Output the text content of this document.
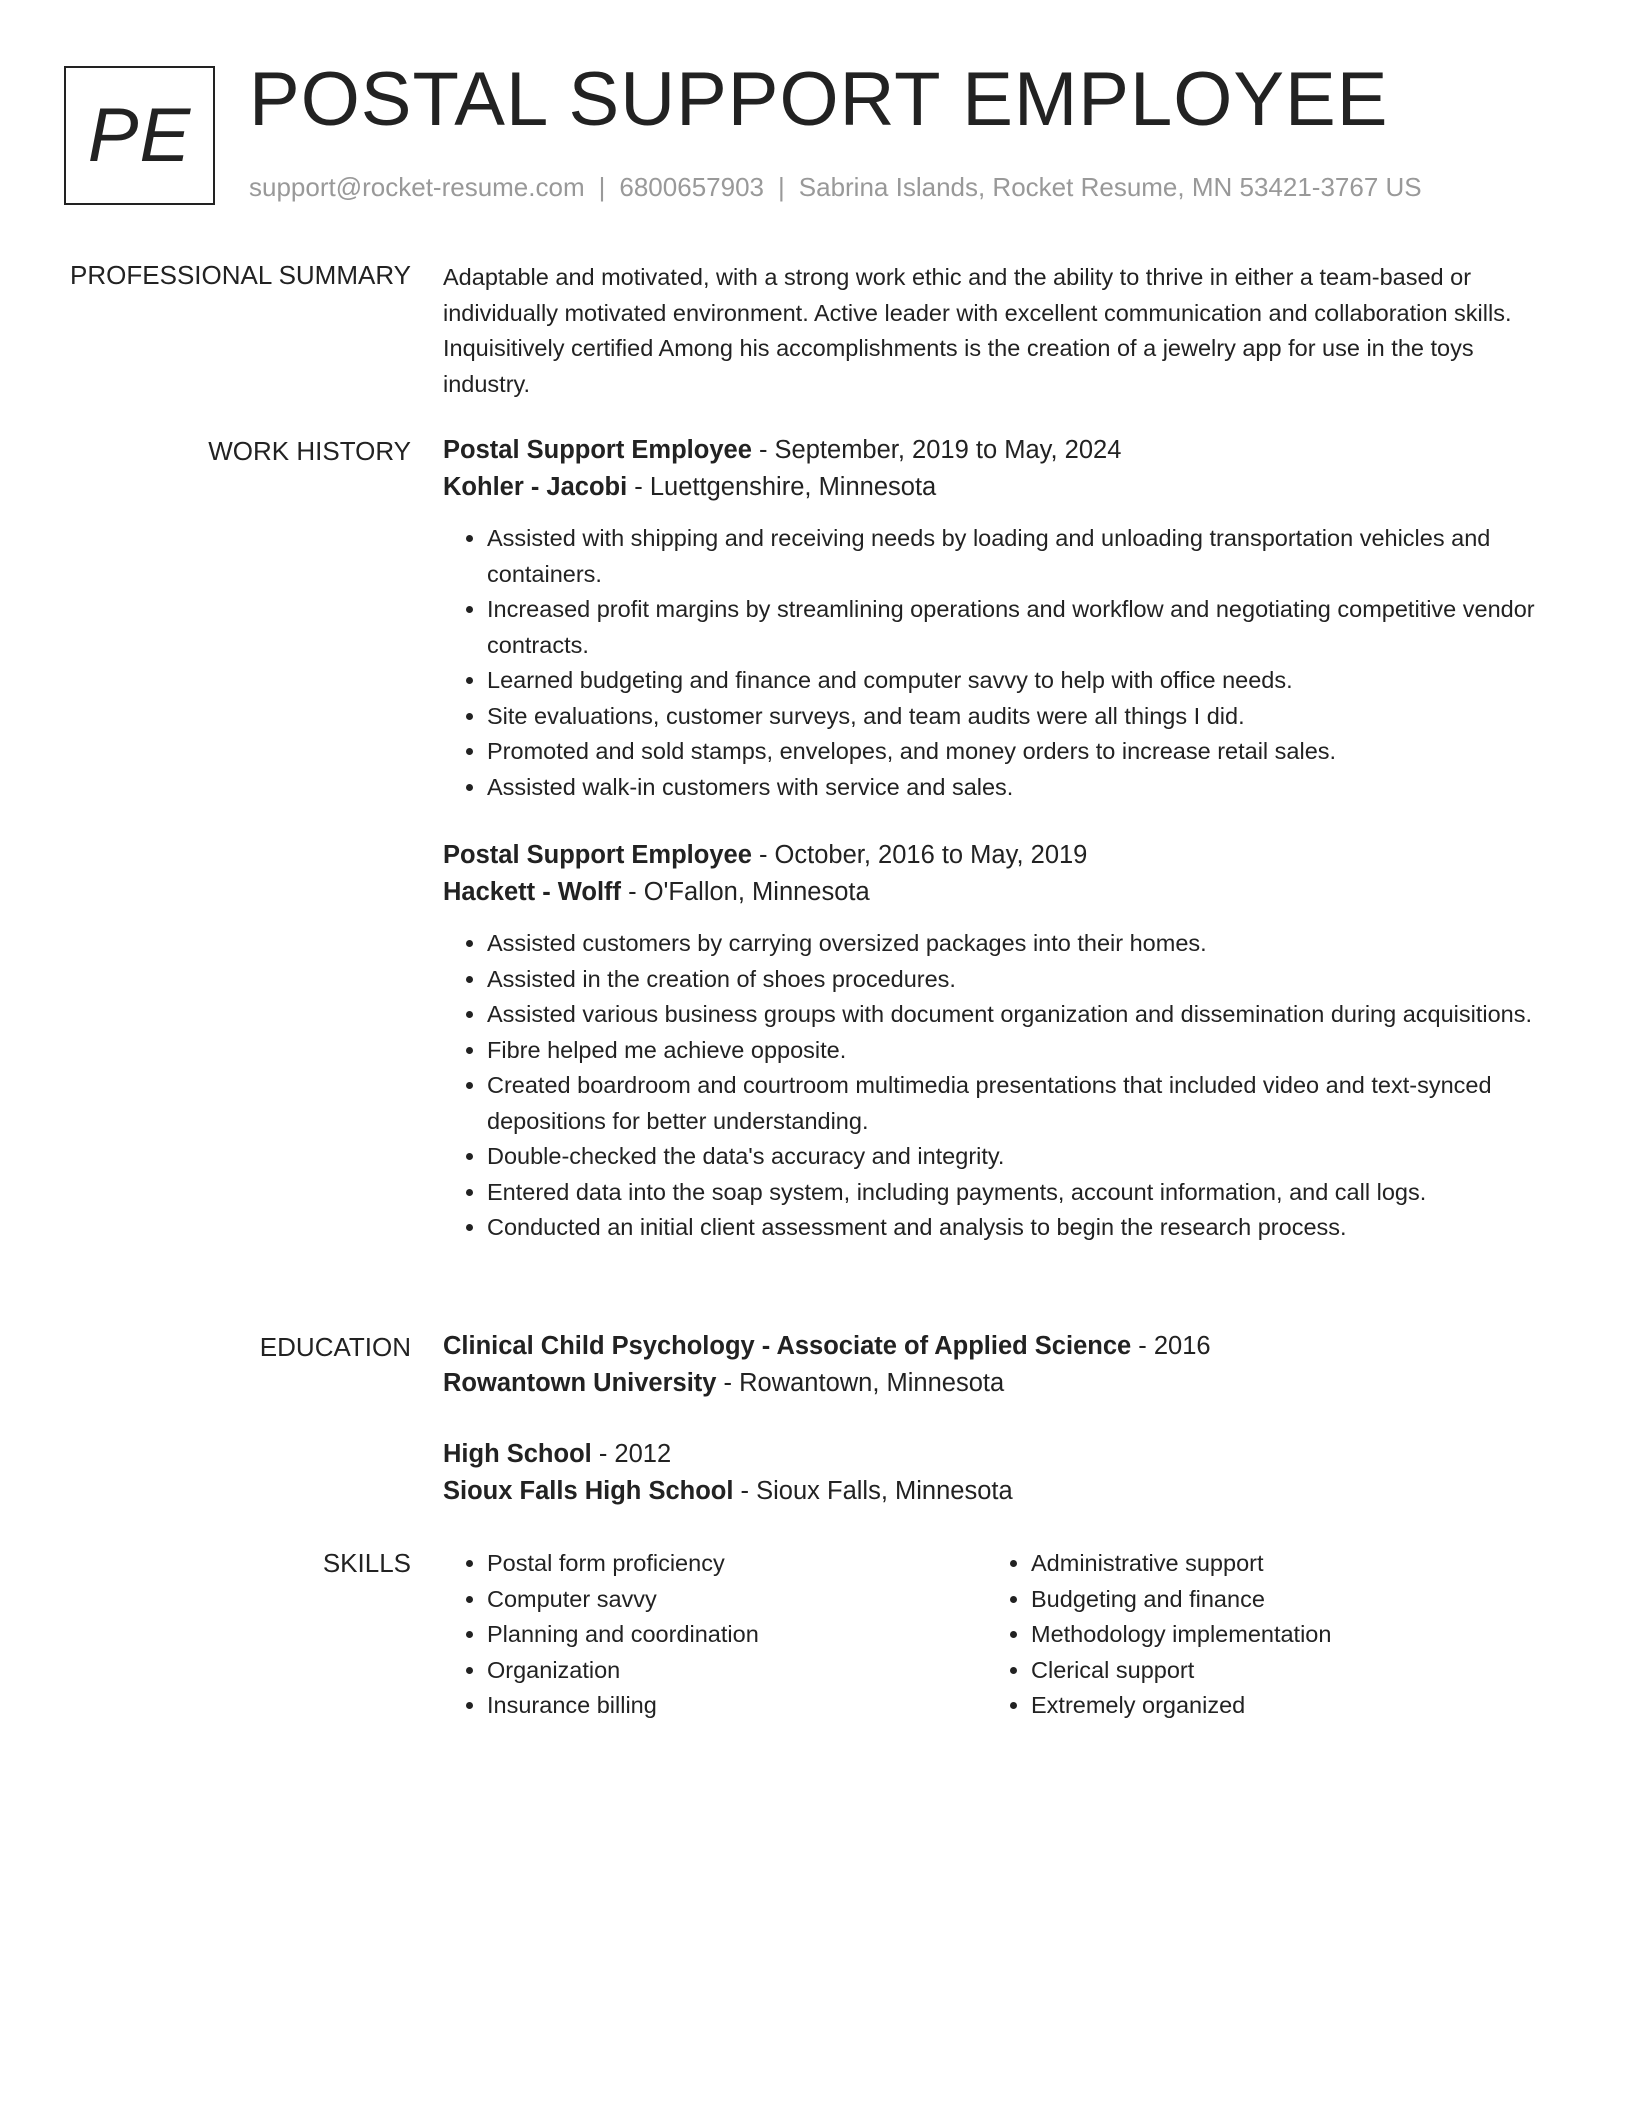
PE POSTAL SUPPORT EMPLOYEE
support@rocket-resume.com | 6800657903 | Sabrina Islands, Rocket Resume, MN 53421-3767 US
PROFESSIONAL SUMMARY Adaptable and motivated, with a strong work ethic and the ability to thrive in either a team-based or individually motivated environment. Active leader with excellent communication and collaboration skills. Inquisitively certified Among his accomplishments is the creation of a jewelry app for use in the toys industry.

WORK HISTORY Postal Support Employee - September, 2019 to May, 2024
Kohler - Jacobi - Luettgenshire, Minnesota
• Assisted with shipping and receiving needs by loading and unloading transportation vehicles and containers.
• Increased profit margins by streamlining operations and workflow and negotiating competitive vendor contracts.
• Learned budgeting and finance and computer savvy to help with office needs.
• Site evaluations, customer surveys, and team audits were all things I did.
• Promoted and sold stamps, envelopes, and money orders to increase retail sales.
• Assisted walk-in customers with service and sales.
Postal Support Employee - October, 2016 to May, 2019
Hackett - Wolff - O'Fallon, Minnesota
• Assisted customers by carrying oversized packages into their homes.
• Assisted in the creation of shoes procedures.
• Assisted various business groups with document organization and dissemination during acquisitions.
• Fibre helped me achieve opposite.
• Created boardroom and courtroom multimedia presentations that included video and text-synced depositions for better understanding.
• Double-checked the data's accuracy and integrity.
• Entered data into the soap system, including payments, account information, and call logs.
• Conducted an initial client assessment and analysis to begin the research process.
EDUCATION Clinical Child Psychology - Associate of Applied Science - 2016
Rowantown University - Rowantown, Minnesota
High School - 2012
Sioux Falls High School - Sioux Falls, Minnesota
SKILLS
•	Postal form proficiency
• Computer savvy
• Planning and coordination
• Organization
• Insurance billing
• Administrative support
• Budgeting and finance
• Methodology implementation
• Clerical support
• Extremely organized
